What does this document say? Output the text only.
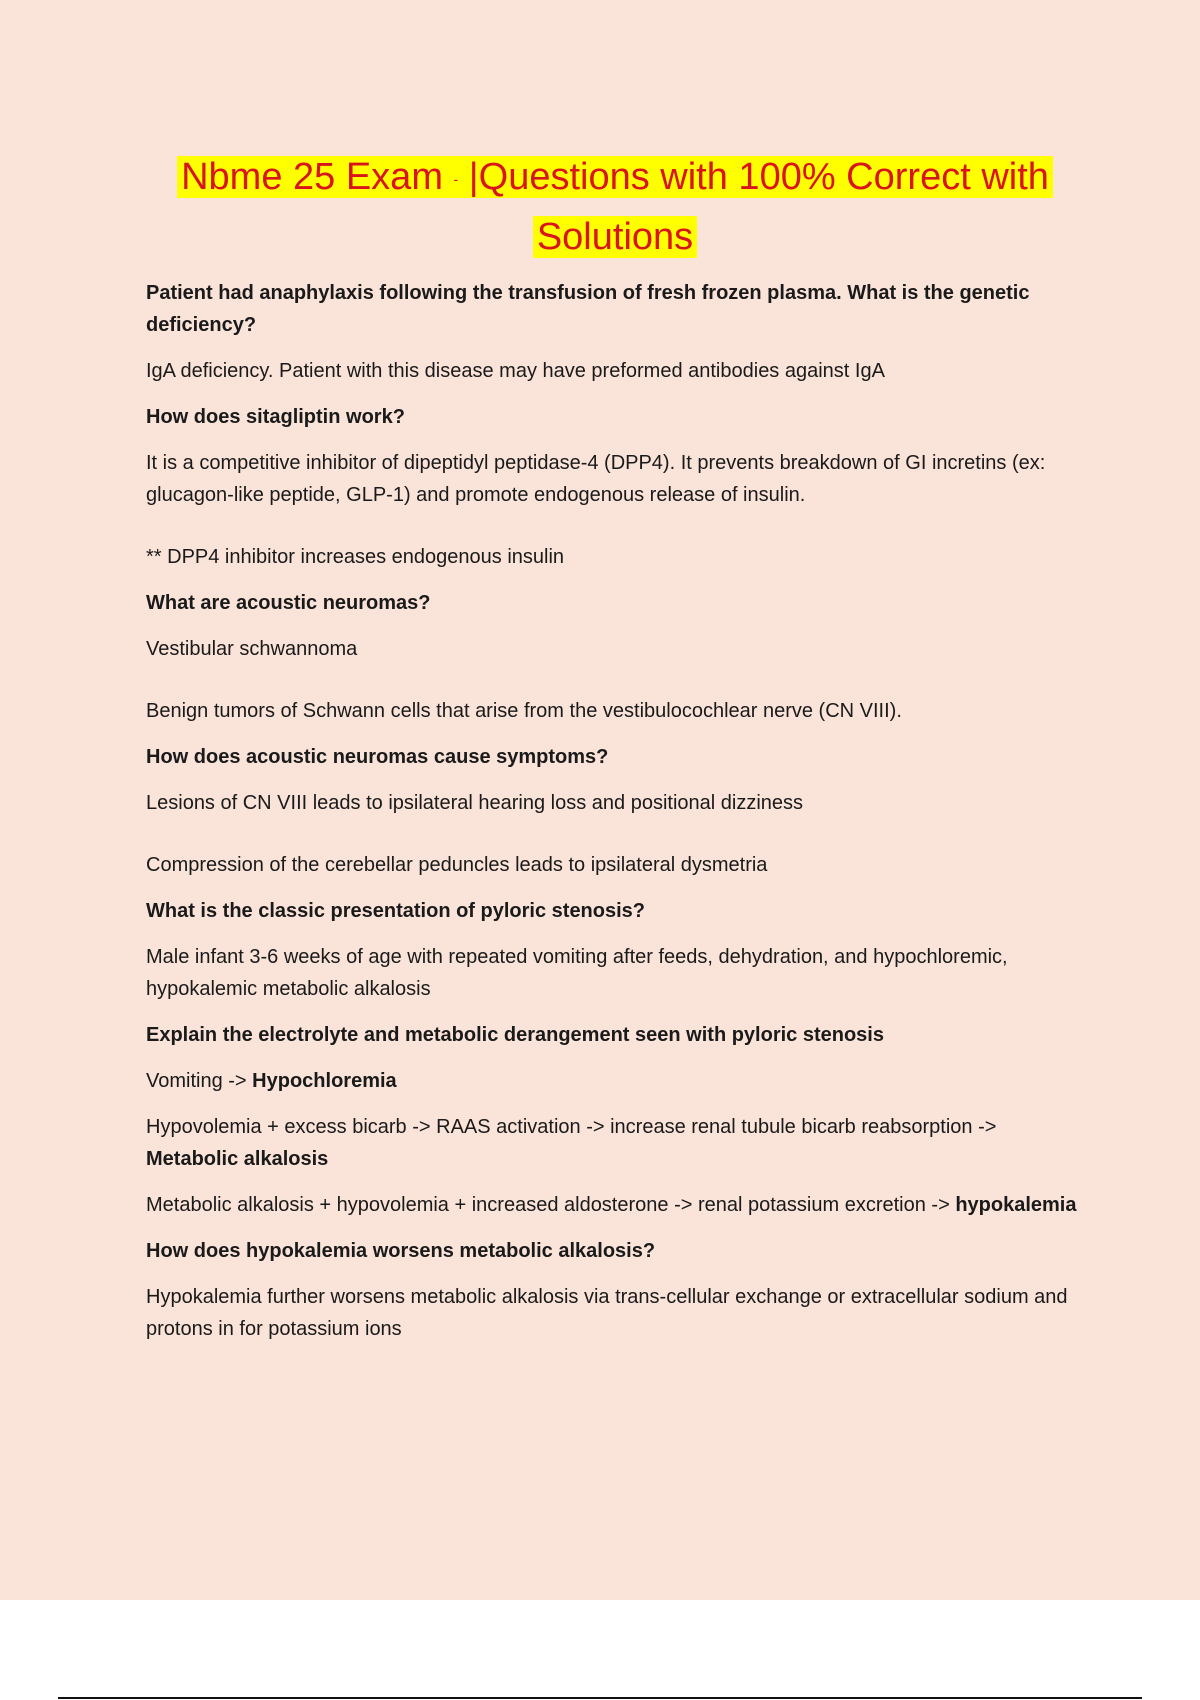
Nbme 25 Exam - |Questions with 100% Correct with
Solutions

Patient had anaphylaxis following the transfusion of fresh frozen plasma. What is the genetic deficiency?

IgA deficiency. Patient with this disease may have preformed antibodies against IgA

How does sitagliptin work?

It is a competitive inhibitor of dipeptidyl peptidase-4 (DPP4). It prevents breakdown of GI incretins (ex: glucagon-like peptide, GLP-1) and promote endogenous release of insulin.

** DPP4 inhibitor increases endogenous insulin

What are acoustic neuromas?

Vestibular schwannoma

Benign tumors of Schwann cells that arise from the vestibulocochlear nerve (CN VIII).

How does acoustic neuromas cause symptoms?

Lesions of CN VIII leads to ipsilateral hearing loss and positional dizziness

Compression of the cerebellar peduncles leads to ipsilateral dysmetria

What is the classic presentation of pyloric stenosis?

Male infant 3-6 weeks of age with repeated vomiting after feeds, dehydration, and hypochloremic, hypokalemic metabolic alkalosis

Explain the electrolyte and metabolic derangement seen with pyloric stenosis

Vomiting -> Hypochloremia

Hypovolemia + excess bicarb -> RAAS activation -> increase renal tubule bicarb reabsorption -> Metabolic alkalosis

Metabolic alkalosis + hypovolemia + increased aldosterone -> renal potassium excretion -> hypokalemia

How does hypokalemia worsens metabolic alkalosis?

Hypokalemia further worsens metabolic alkalosis via trans-cellular exchange or extracellular sodium and protons in for potassium ions
